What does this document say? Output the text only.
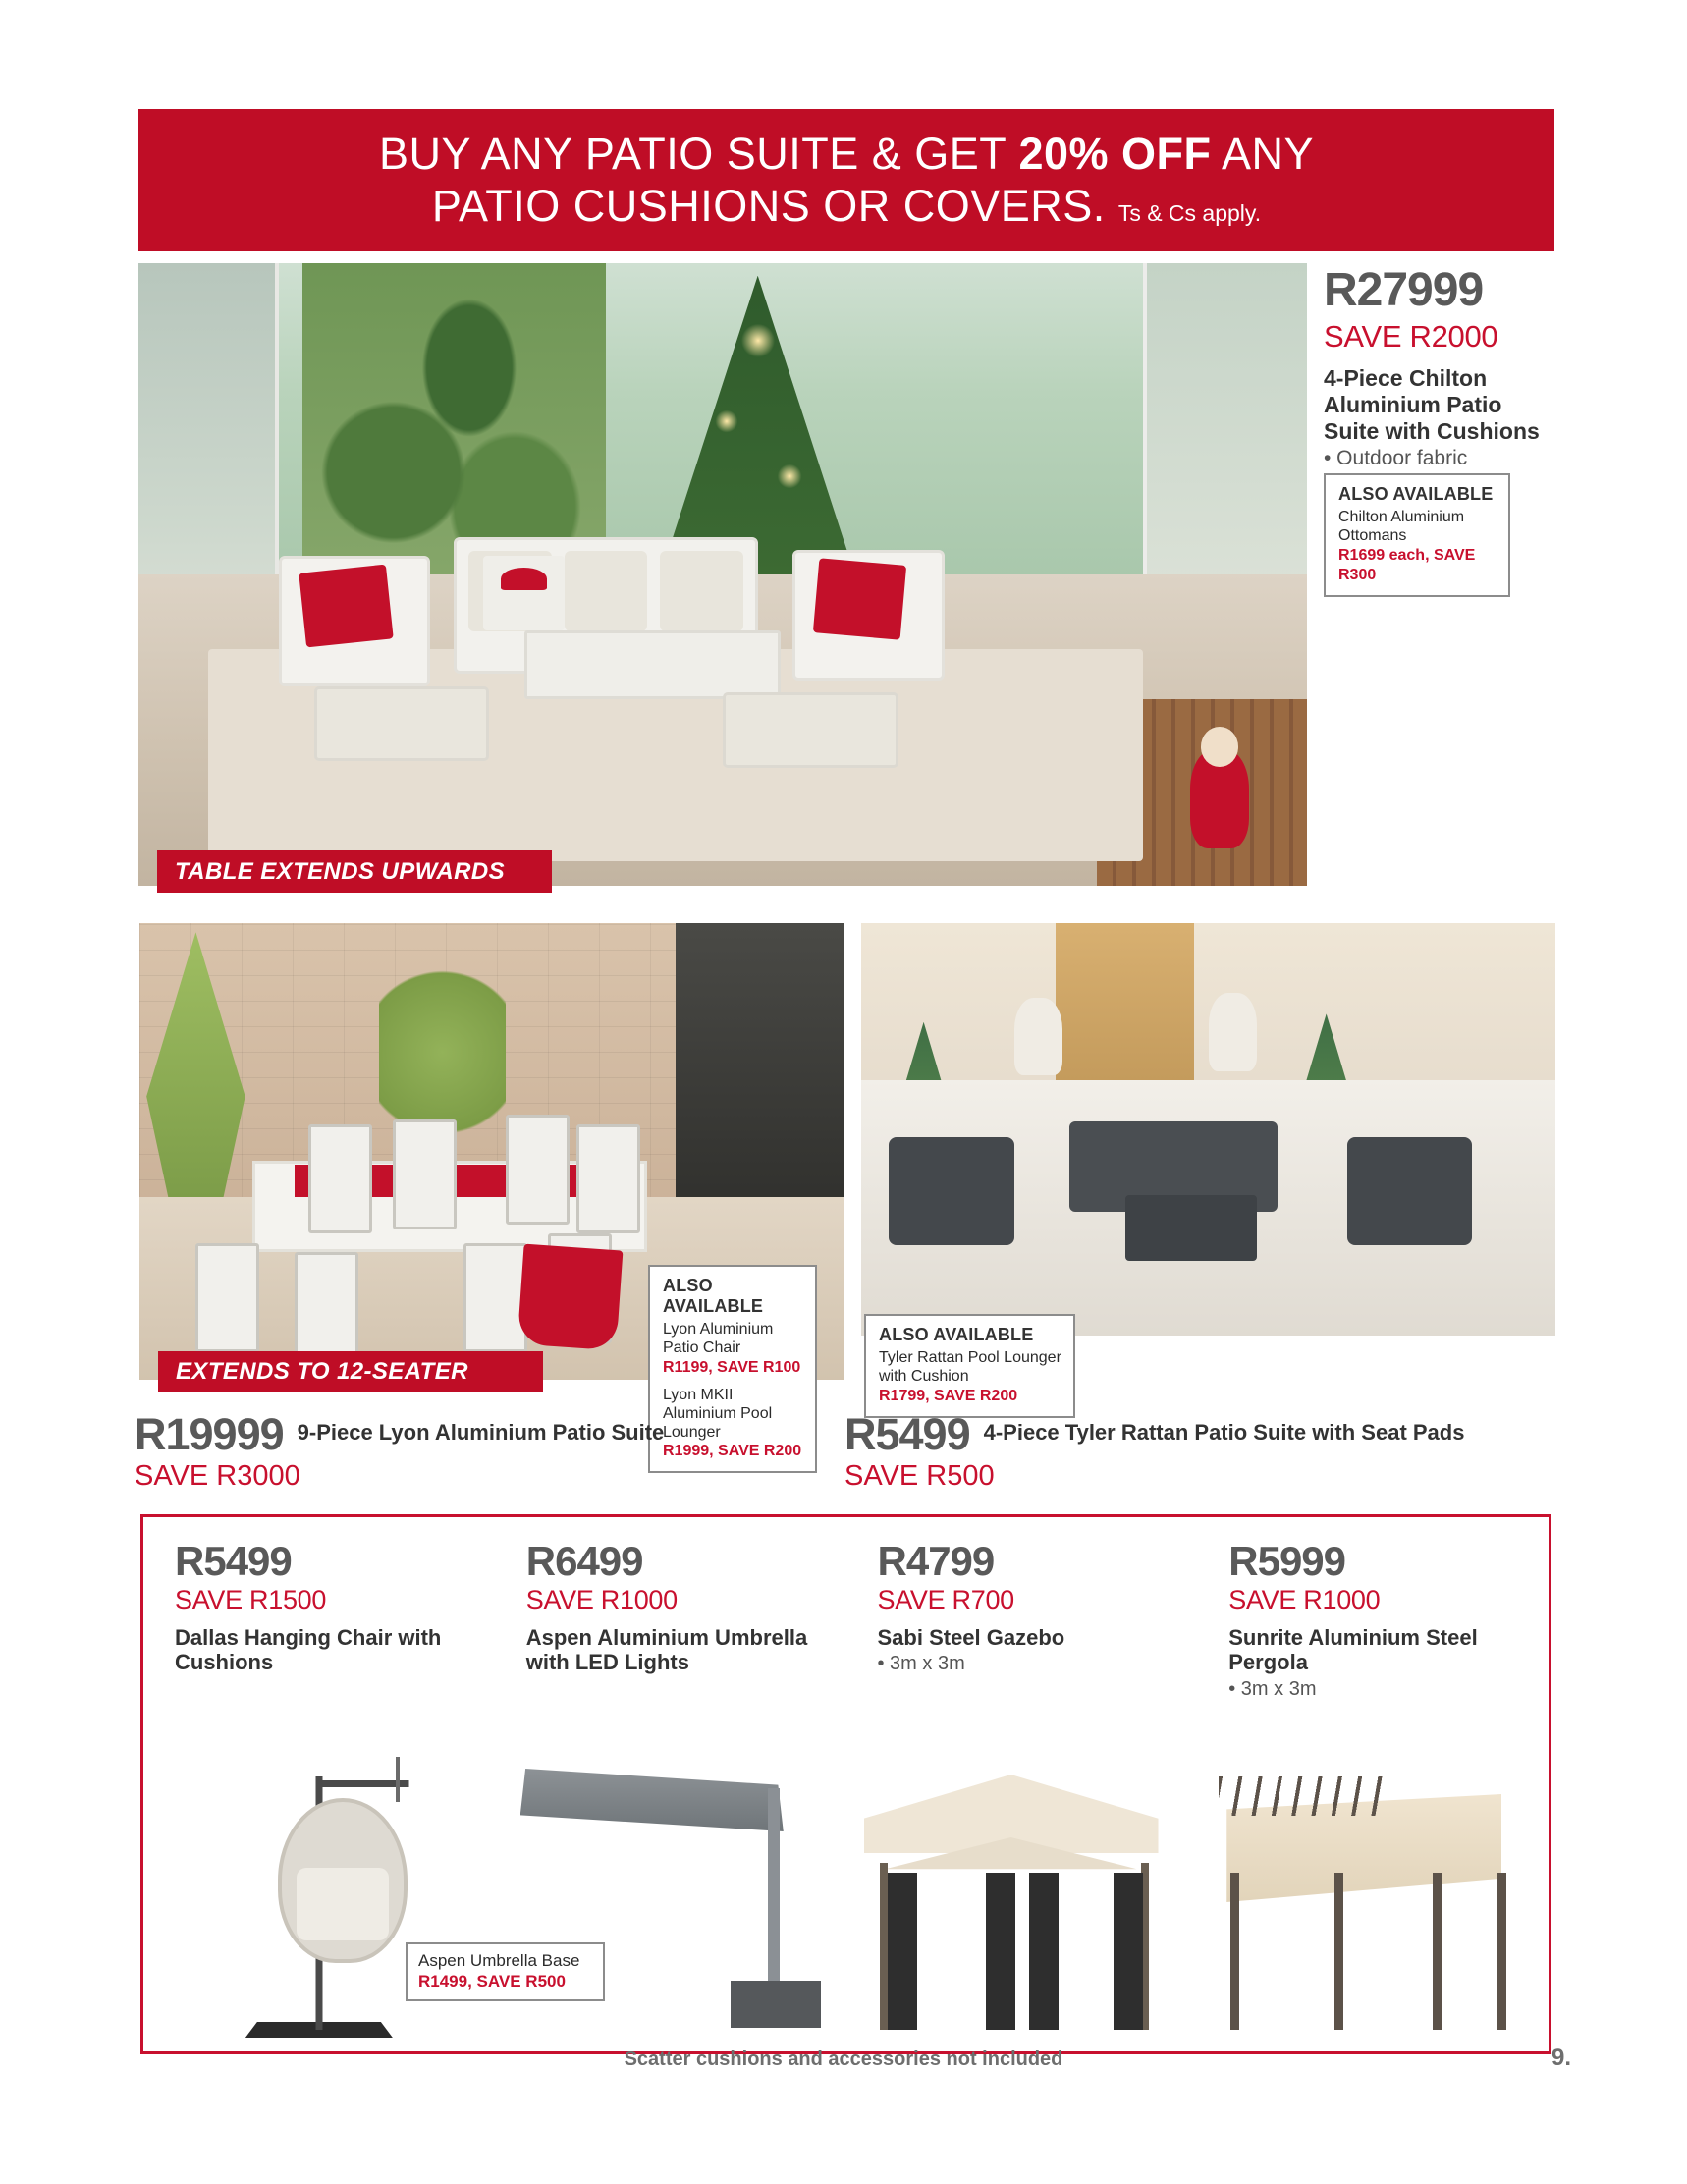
BUY ANY PATIO SUITE & GET 20% OFF ANY
PATIO CUSHIONS OR COVERS. Ts & Cs apply.
TABLE EXTENDS UPWARDS
R27999
SAVE R2000
4-Piece Chilton Aluminium Patio Suite with Cushions
• Outdoor fabric
ALSO AVAILABLE
Chilton Aluminium Ottomans
R1699 each, SAVE R300
EXTENDS TO 12-SEATER
ALSO AVAILABLE
Lyon Aluminium Patio Chair
R1199, SAVE R100
Lyon MKII Aluminium Pool Lounger
R1999, SAVE R200
ALSO AVAILABLE
Tyler Rattan Pool Lounger with Cushion
R1799, SAVE R200
R19999 9-Piece Lyon Aluminium Patio Suite
SAVE R3000
R5499 4-Piece Tyler Rattan Patio Suite with Seat Pads
SAVE R500
R5499
SAVE R1500
Dallas Hanging Chair with Cushions
R6499
SAVE R1000
Aspen Aluminium Umbrella with LED Lights
R4799
SAVE R700
Sabi Steel Gazebo
• 3m x 3m
R5999
SAVE R1000
Sunrite Aluminium Steel Pergola
• 3m x 3m
Aspen Umbrella Base
R1499, SAVE R500
Scatter cushions and accessories not included	9.
